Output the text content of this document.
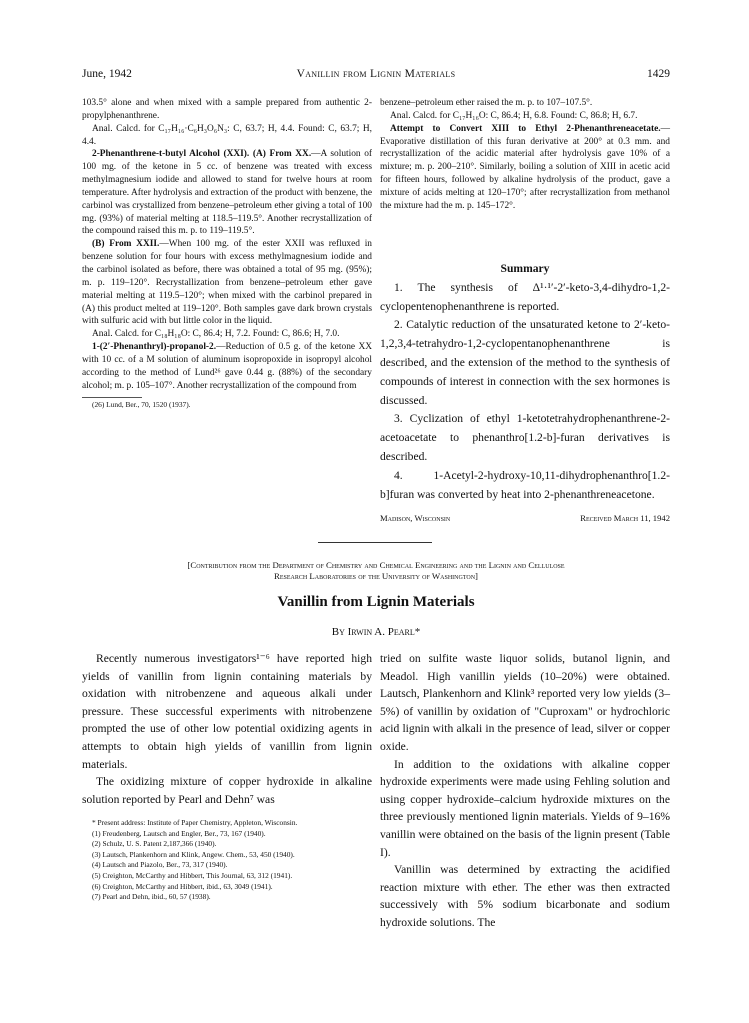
June, 1942	Vanillin from Lignin Materials	1429

103.5° alone and when mixed with a sample prepared from authentic 2-propylphenanthrene.

Anal. Calcd. for C₁₇H₁₆·C₆H₃O₆N₃: C, 63.7; H, 4.4. Found: C, 63.7; H, 4.4.

2-Phenanthrene-t-butyl Alcohol (XXI). (A) From XX.—A solution of 100 mg. of the ketone in 5 cc. of benzene was treated with excess methylmagnesium iodide and allowed to stand for twelve hours at room temperature. After hydrolysis and extraction of the product with benzene, the carbinol was crystallized from benzene–petroleum ether giving a total of 100 mg. (93%) of material melting at 118.5–119.5°. Another recrystallization of the compound raised this m. p. to 119–119.5°.

(B) From XXII.—When 100 mg. of the ester XXII was refluxed in benzene solution for four hours with excess methylmagnesium iodide and the carbinol isolated as before, there was obtained a total of 95 mg. (95%); m. p. 119–120°. Recrystallization from benzene–petroleum ether gave material melting at 119.5–120°; when mixed with the carbinol prepared in (A) this product melted at 119–120°. Both samples gave dark brown crystals with sulfuric acid with but little color in the liquid.

Anal. Calcd. for C₁₈H₁₈O: C, 86.4; H, 7.2. Found: C, 86.6; H, 7.0.

1-(2′-Phenanthryl)-propanol-2.—Reduction of 0.5 g. of the ketone XX with 10 cc. of a M solution of aluminum isopropoxide in isopropyl alcohol according to the method of Lund²⁶ gave 0.44 g. (88%) of the secondary alcohol; m. p. 105–107°. Another recrystallization of the compound from

(26) Lund, Ber., 70, 1520 (1937).

benzene–petroleum ether raised the m. p. to 107–107.5°.

Anal. Calcd. for C₁₇H₁₆O: C, 86.4; H, 6.8. Found: C, 86.8; H, 6.7.

Attempt to Convert XIII to Ethyl 2-Phenanthreneacetate.—Evaporative distillation of this furan derivative at 200° at 0.3 mm. and recrystallization of the acidic material after hydrolysis gave 10% of a mixture; m. p. 200–210°. Similarly, boiling a solution of XIII in acetic acid for fifteen hours, followed by alkaline hydrolysis of the product, gave a mixture of acids melting at 120–170°; after recrystallization from methanol the mixture had the m. p. 145–172°.

Summary

1. The synthesis of Δ¹·¹′-2′-keto-3,4-dihydro-1,2-cyclopentenophenanthrene is reported.

2. Catalytic reduction of the unsaturated ketone to 2′-keto-1,2,3,4-tetrahydro-1,2-cyclopentanophenanthrene is described, and the extension of the method to the synthesis of compounds of interest in connection with the sex hormones is discussed.

3. Cyclization of ethyl 1-ketotetrahydrophenanthrene-2-acetoacetate to phenanthro[1.2-b]-furan derivatives is described.

4. 1-Acetyl-2-hydroxy-10,11-dihydrophenanthro[1.2-b]furan was converted by heat into 2-phenanthreneacetone.

Madison, Wisconsin	Received March 11, 1942
[Contribution from the Department of Chemistry and Chemical Engineering and the Lignin and Cellulose
Research Laboratories of the University of Washington]
Vanillin from Lignin Materials
By Irwin A. Pearl*

Recently numerous investigators¹⁻⁶ have reported high yields of vanillin from lignin containing materials by oxidation with nitrobenzene and aqueous alkali under pressure. These successful experiments with nitrobenzene prompted the use of other low potential oxidizing agents in attempts to obtain high yields of vanillin from lignin materials.

The oxidizing mixture of copper hydroxide in alkaline solution reported by Pearl and Dehn⁷ was

* Present address: Institute of Paper Chemistry, Appleton, Wisconsin.

(1) Freudenberg, Lautsch and Engler, Ber., 73, 167 (1940).

(2) Schulz, U. S. Patent 2,187,366 (1940).

(3) Lautsch, Plankenhorn and Klink, Angew. Chem., 53, 450 (1940).

(4) Lautsch and Piazolo, Ber., 73, 317 (1940).

(5) Creighton, McCarthy and Hibbert, This Journal, 63, 312 (1941).

(6) Creighton, McCarthy and Hibbert, ibid., 63, 3049 (1941).

(7) Pearl and Dehn, ibid., 60, 57 (1938).

tried on sulfite waste liquor solids, butanol lignin, and Meadol. High vanillin yields (10–20%) were obtained. Lautsch, Plankenhorn and Klink³ reported very low yields (3–5%) of vanillin by oxidation of "Cuproxam" or hydrochloric acid lignin with alkali in the presence of lead, silver or copper oxide.

In addition to the oxidations with alkaline copper hydroxide experiments were made using Fehling solution and using copper hydroxide–calcium hydroxide mixtures on the three previously mentioned lignin materials. Yields of 9–16% vanillin were obtained on the basis of the lignin present (Table I).

Vanillin was determined by extracting the acidified reaction mixture with ether. The ether was then extracted successively with 5% sodium bicarbonate and sodium hydroxide solutions. The
